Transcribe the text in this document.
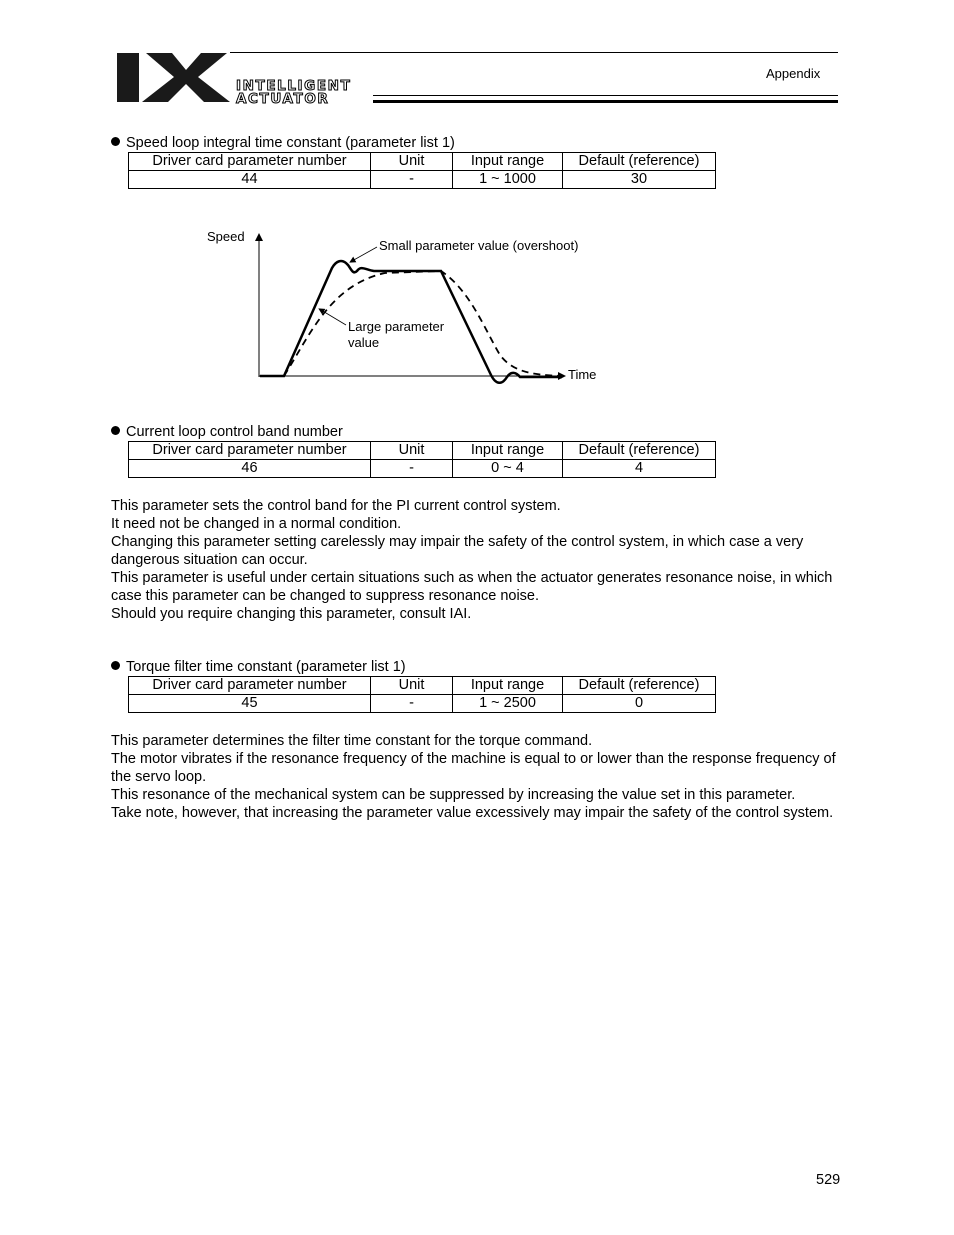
INTELLIGENT
ACTUATOR
Appendix
Speed loop integral time constant (parameter list 1)
Driver card parameter number	Unit	Input range	Default (reference)
44	-	1 ~ 1000	30
Speed
Time
Small parameter value (overshoot)
Large parameter
value
Current loop control band number
Driver card parameter number	Unit	Input range	Default (reference)
46	-	0 ~ 4	4

This parameter sets the control band for the PI current control system.

It need not be changed in a normal condition.

Changing this parameter setting carelessly may impair the safety of the control system, in which case a very dangerous situation can occur.

This parameter is useful under certain situations such as when the actuator generates resonance noise, in which case this parameter can be changed to suppress resonance noise.

Should you require changing this parameter, consult IAI.

Torque filter time constant (parameter list 1)
Driver card parameter number	Unit	Input range	Default (reference)
45	-	1 ~ 2500	0

This parameter determines the filter time constant for the torque command.

The motor vibrates if the resonance frequency of the machine is equal to or lower than the response frequency of the servo loop.

This resonance of the mechanical system can be suppressed by increasing the value set in this parameter.

Take note, however, that increasing the parameter value excessively may impair the safety of the control system.

529
